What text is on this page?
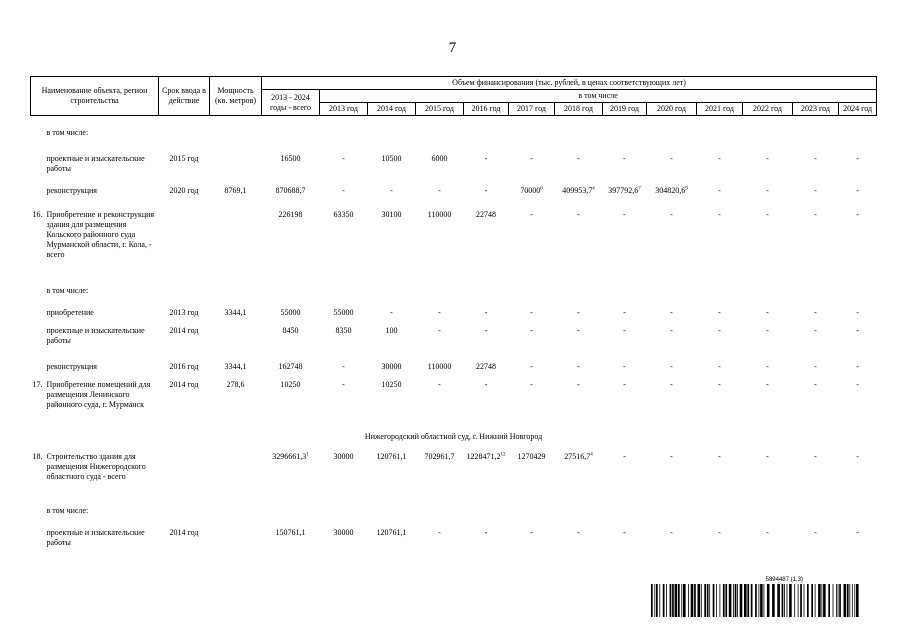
7
Наименование объекта, регион строительства		Срок ввода в действие	Мощность (кв. метров)	Объем финансирования (тыс. рублей, в ценах соответствующих лет)												
				2013 - 2024 годы - всего	в том числе											
					2013 год	2014 год	2015 год	2016 год	2017 год	2018 год	2019 год	2020 год	2021 год	2022 год	2023 год	2024 год

	в том числе:															
	проектные и изыскательские работы	2015 год		16500	-	10500	6000	-	-	-	-	-	-	-	-	-
	реконструкция	2020 год	8769,1	870688,7	-	-	-	-	70000$^6$	409953,7$^4$	397792,6$^7$	304820,6$^9$	-	-	-	-
16.	Приобретение и реконструкция здания для размещения Кольского районного суда Мурманской области, г. Кола, - всего			226198	63350	30100	110000	22748	-	-	-	-	-	-	-	-
	в том числе:															
	приобретение	2013 год	3344,1	55000	55000	-	-	-	-	-	-	-	-	-	-	-
	проектные и изыскательские работы	2014 год		8450	8350	100	-	-	-	-	-	-	-	-	-	-
	реконструкция	2016 год	3344,1	162748	-	30000	110000	22748	-	-	-	-	-	-	-	-
17.	Приобретение помещений для размещения Ленинского районного суда, г. Мурманск	2014 год	278,6	10250	-	10250	-	-	-	-	-	-	-	-	-	-
Нижегородский областной суд, г. Нижний Новгород																
18.	Строительство здания для размещения Нижегородского областного суда - всего			3296661,3$^1$	30000	120761,1	702961,7	1228471,2$^{12}$	1270429	27516,7$^4$	-	-	-	-	-	-
	в том числе:															
	проектные и изыскательские работы	2014 год		150761,1	30000	120761,1	-	-	-	-	-	-	-	-	-	-
5894487 (1.3)
